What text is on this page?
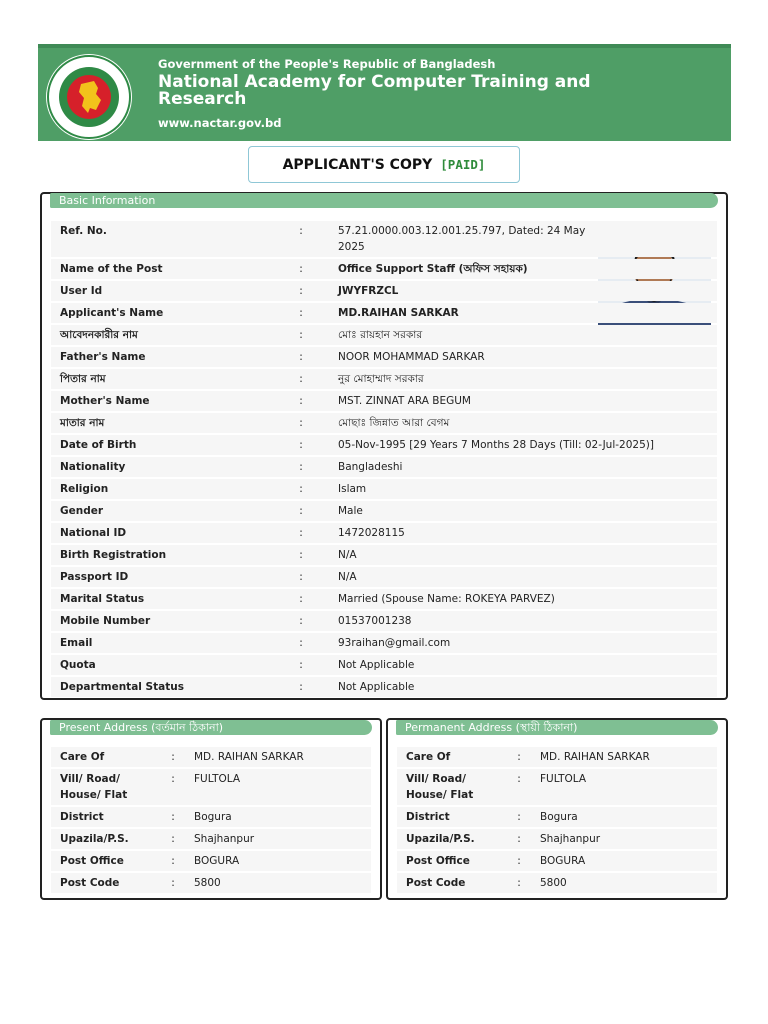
Government of the People's Republic of Bangladesh
National Academy for Computer Training and Research
www.nactar.gov.bd
APPLICANT'S COPY [PAID]
Basic Information
Ref. No.	:	57.21.0000.003.12.001.25.797, Dated: 24 May 2025
Name of the Post	:	Office Support Staff (অফিস সহায়ক)
User Id	:	JWYFRZCL
Applicant's Name	:	MD.RAIHAN SARKAR
আবেদনকারীর নাম	:	মোঃ রায়হান সরকার
Father's Name	:	NOOR MOHAMMAD SARKAR
পিতার নাম	:	নুর মোহাম্মাদ সরকার
Mother's Name	:	MST. ZINNAT ARA BEGUM
মাতার নাম	:	মোছাঃ জিন্নাত আরা বেগম
Date of Birth	:	05-Nov-1995 [29 Years 7 Months 28 Days (Till: 02-Jul-2025)]
Nationality	:	Bangladeshi
Religion	:	Islam
Gender	:	Male
National ID	:	1472028115
Birth Registration	:	N/A
Passport ID	:	N/A
Marital Status	:	Married (Spouse Name: ROKEYA PARVEZ)
Mobile Number	:	01537001238
Email	:	93raihan@gmail.com
Quota	:	Not Applicable
Departmental Status	:	Not Applicable
Present Address (বর্তমান ঠিকানা)
Care Of	:	MD. RAIHAN SARKAR
Vill/ Road/ House/ Flat	:	FULTOLA
District	:	Bogura
Upazila/P.S.	:	Shajhanpur
Post Office	:	BOGURA
Post Code	:	5800
Permanent Address (স্থায়ী ঠিকানা)
Care Of	:	MD. RAIHAN SARKAR
Vill/ Road/ House/ Flat	:	FULTOLA
District	:	Bogura
Upazila/P.S.	:	Shajhanpur
Post Office	:	BOGURA
Post Code	:	5800
